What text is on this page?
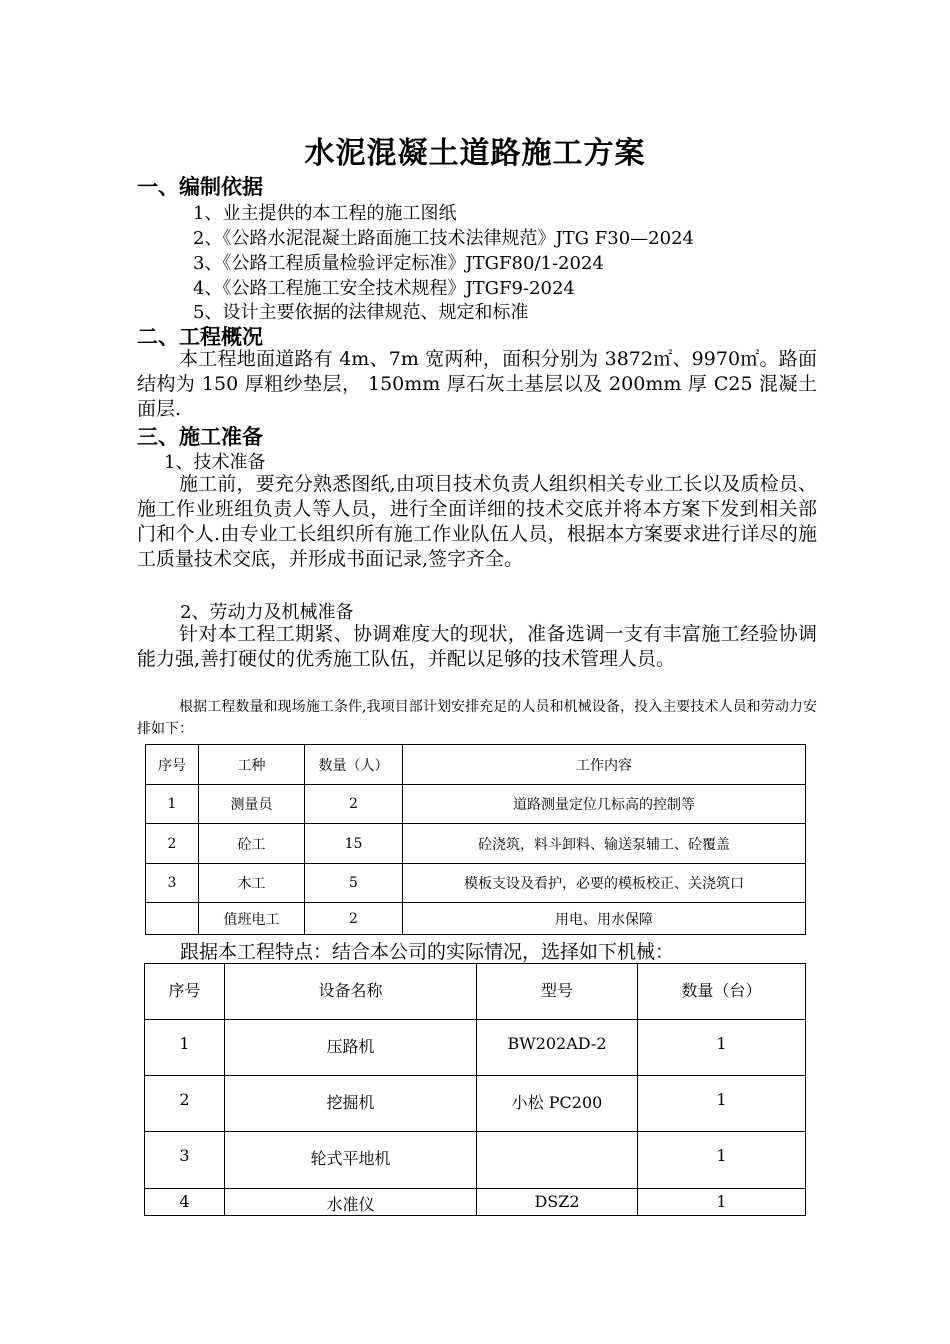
水泥混凝土道路施工方案
一、编制依据
1、业主提供的本工程的施工图纸
2、《公路水泥混凝土路面施工技术法律规范》JTG F30—2024
3、《公路工程质量检验评定标准》JTGF80/1-2024
4、《公路工程施工安全技术规程》JTGF9-2024
5、设计主要依据的法律规范、规定和标准
二、工程概况
本工程地面道路有 4m、7m 宽两种，面积分别为 3872㎡、9970㎡。路面结构为 150 厚粗纱垫层， 150mm 厚石灰土基层以及 200mm 厚 C25 混凝土面层.
三、施工准备
1、技术准备
施工前，要充分熟悉图纸,由项目技术负责人组织相关专业工长以及质检员、施工作业班组负责人等人员，进行全面详细的技术交底并将本方案下发到相关部门和个人.由专业工长组织所有施工作业队伍人员，根据本方案要求进行详尽的施工质量技术交底，并形成书面记录,签字齐全。
2、劳动力及机械准备
针对本工程工期紧、协调难度大的现状，准备选调一支有丰富施工经验协调能力强,善打硬仗的优秀施工队伍，并配以足够的技术管理人员。
根据工程数量和现场施工条件,我项目部计划安排充足的人员和机械设备，投入主要技术人员和劳动力安排如下：
序号	工种	数量（人）	工作内容
1	测量员	2	道路测量定位几标高的控制等
2	砼工	15	砼浇筑，料斗卸料、输送泵辅工、砼覆盖
3	木工	5	模板支设及看护，必要的模板校正、关浇筑口
	值班电工	2	用电、用水保障
跟据本工程特点：结合本公司的实际情况，选择如下机械：
序号	设备名称	型号	数量（台）
1	压路机	BW202AD-2	1
2	挖掘机	小松 PC200	1
3	轮式平地机		1
4	水准仪	DSZ2	1
